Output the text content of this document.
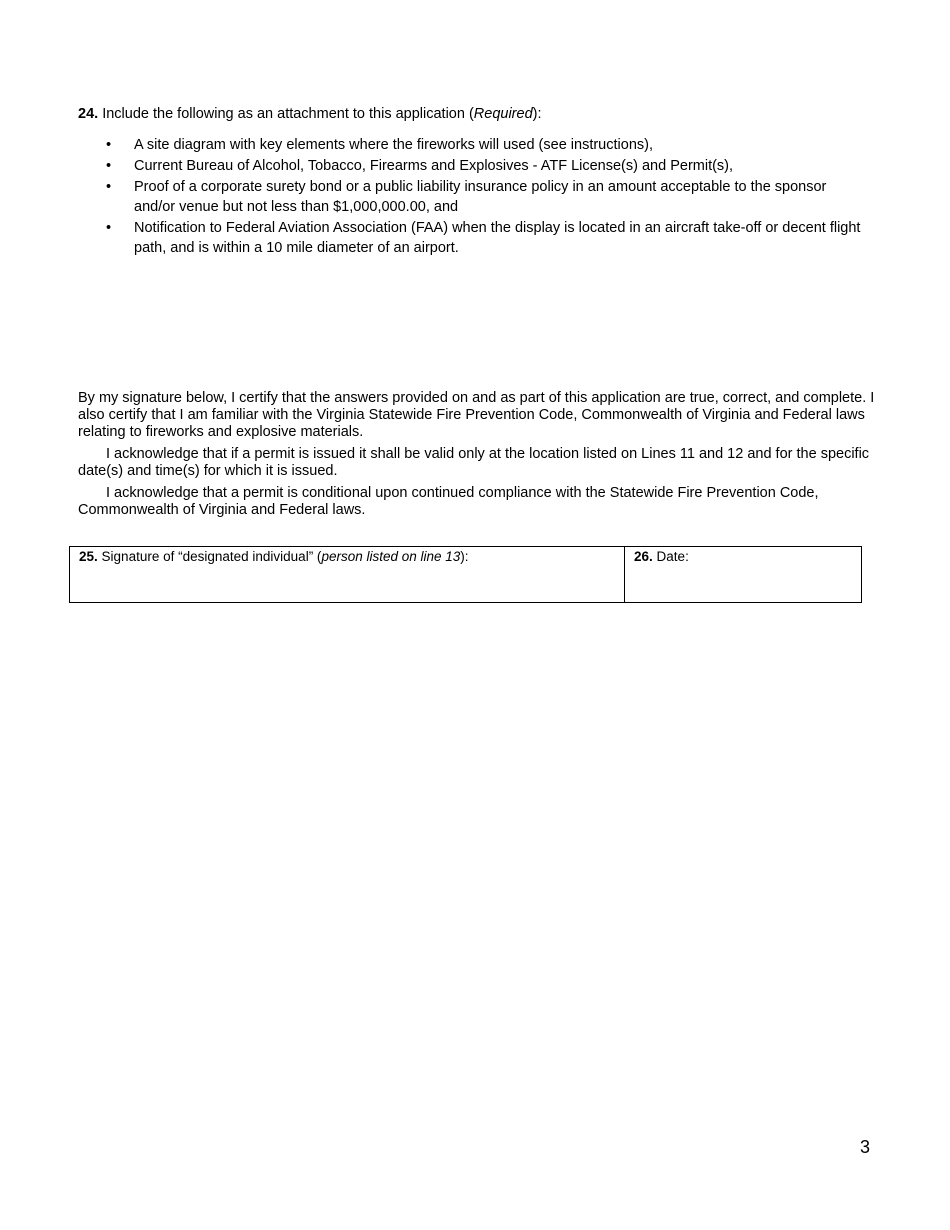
24. Include the following as an attachment to this application (Required):
• A site diagram with key elements where the fireworks will used (see instructions),
• Current Bureau of Alcohol, Tobacco, Firearms and Explosives - ATF License(s) and Permit(s),
• Proof of a corporate surety bond or a public liability insurance policy in an amount acceptable to the sponsor and/or venue but not less than $1,000,000.00, and
• Notification to Federal Aviation Association (FAA) when the display is located in an aircraft take-off or decent flight path, and is within a 10 mile diameter of an airport.

By my signature below, I certify that the answers provided on and as part of this application are true, correct, and complete. I also certify that I am familiar with the Virginia Statewide Fire Prevention Code, Commonwealth of Virginia and Federal laws relating to fireworks and explosive materials.

I acknowledge that if a permit is issued it shall be valid only at the location listed on Lines 11 and 12 and for the specific date(s) and time(s) for which it is issued.

I acknowledge that a permit is conditional upon continued compliance with the Statewide Fire Prevention Code, Commonwealth of Virginia and Federal laws.

25. Signature of “designated individual” (person listed on line 13):	26. Date:
3
